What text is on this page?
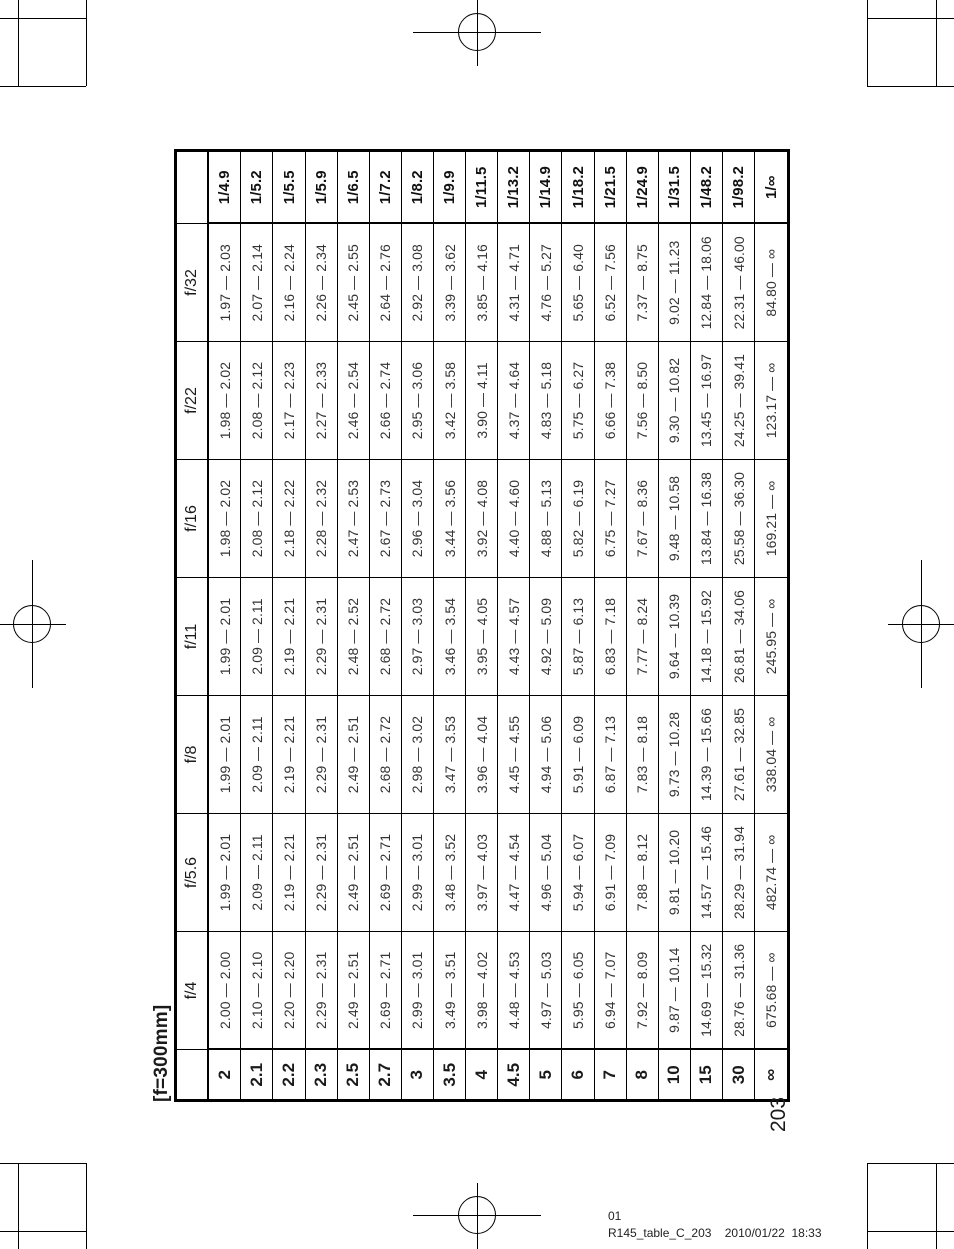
[f=300mm]
	f/4	f/5.6	f/8	f/11	f/16	f/22	f/32	
2	2.00 — 2.00	1.99 — 2.01	1.99 — 2.01	1.99 — 2.01	1.98 — 2.02	1.98 — 2.02	1.97 — 2.03	1/4.9
2.1	2.10 — 2.10	2.09 — 2.11	2.09 — 2.11	2.09 — 2.11	2.08 — 2.12	2.08 — 2.12	2.07 — 2.14	1/5.2
2.2	2.20 — 2.20	2.19 — 2.21	2.19 — 2.21	2.19 — 2.21	2.18 — 2.22	2.17 — 2.23	2.16 — 2.24	1/5.5
2.3	2.29 — 2.31	2.29 — 2.31	2.29 — 2.31	2.29 — 2.31	2.28 — 2.32	2.27 — 2.33	2.26 — 2.34	1/5.9
2.5	2.49 — 2.51	2.49 — 2.51	2.49 — 2.51	2.48 — 2.52	2.47 — 2.53	2.46 — 2.54	2.45 — 2.55	1/6.5
2.7	2.69 — 2.71	2.69 — 2.71	2.68 — 2.72	2.68 — 2.72	2.67 — 2.73	2.66 — 2.74	2.64 — 2.76	1/7.2
3	2.99 — 3.01	2.99 — 3.01	2.98 — 3.02	2.97 — 3.03	2.96 — 3.04	2.95 — 3.06	2.92 — 3.08	1/8.2
3.5	3.49 — 3.51	3.48 — 3.52	3.47 — 3.53	3.46 — 3.54	3.44 — 3.56	3.42 — 3.58	3.39 — 3.62	1/9.9
4	3.98 — 4.02	3.97 — 4.03	3.96 — 4.04	3.95 — 4.05	3.92 — 4.08	3.90 — 4.11	3.85 — 4.16	1/11.5
4.5	4.48 — 4.53	4.47 — 4.54	4.45 — 4.55	4.43 — 4.57	4.40 — 4.60	4.37 — 4.64	4.31 — 4.71	1/13.2
5	4.97 — 5.03	4.96 — 5.04	4.94 — 5.06	4.92 — 5.09	4.88 — 5.13	4.83 — 5.18	4.76 — 5.27	1/14.9
6	5.95 — 6.05	5.94 — 6.07	5.91 — 6.09	5.87 — 6.13	5.82 — 6.19	5.75 — 6.27	5.65 — 6.40	1/18.2
7	6.94 — 7.07	6.91 — 7.09	6.87 — 7.13	6.83 — 7.18	6.75 — 7.27	6.66 — 7.38	6.52 — 7.56	1/21.5
8	7.92 — 8.09	7.88 — 8.12	7.83 — 8.18	7.77 — 8.24	7.67 — 8.36	7.56 — 8.50	7.37 — 8.75	1/24.9
10	9.87 — 10.14	9.81 — 10.20	9.73 — 10.28	9.64 — 10.39	9.48 — 10.58	9.30 — 10.82	9.02 — 11.23	1/31.5
15	14.69 — 15.32	14.57 — 15.46	14.39 — 15.66	14.18 — 15.92	13.84 — 16.38	13.45 — 16.97	12.84 — 18.06	1/48.2
30	28.76 — 31.36	28.29 — 31.94	27.61 — 32.85	26.81 — 34.06	25.58 — 36.30	24.25 — 39.41	22.31 — 46.00	1/98.2
∞	675.68 — ∞	482.74 — ∞	338.04 — ∞	245.95 — ∞	169.21 — ∞	123.17 — ∞	84.80 — ∞	1/∞
203
01
R145_table_C_203    2010/01/22  18:33
